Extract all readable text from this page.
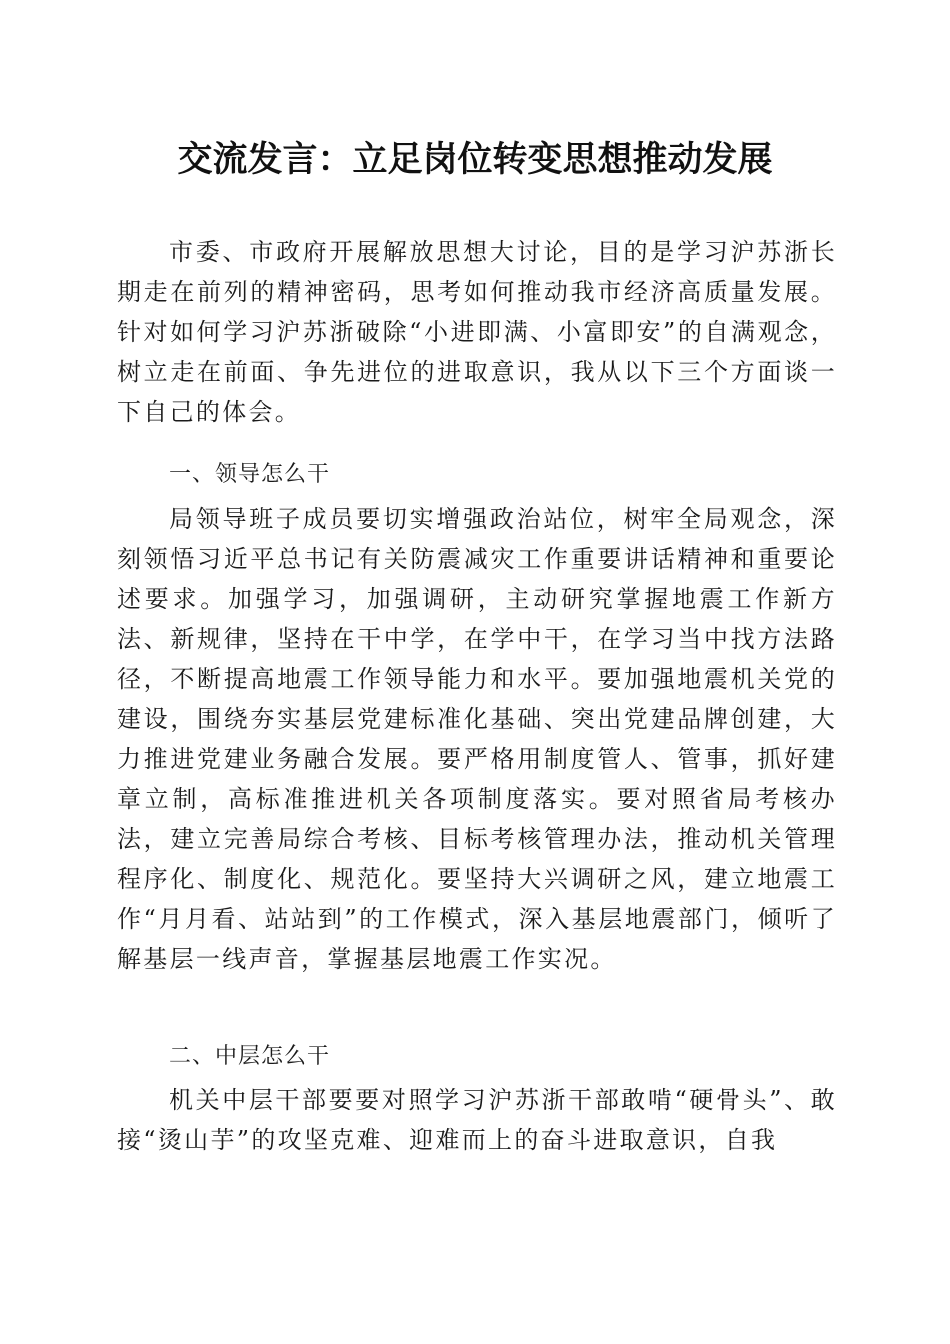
交流发言：立足岗位转变思想推动发展

市委、市政府开展解放思想大讨论，目的是学习沪苏浙长期走在前列的精神密码，思考如何推动我市经济高质量发展。针对如何学习沪苏浙破除“小进即满、小富即安”的自满观念，树立走在前面、争先进位的进取意识，我从以下三个方面谈一下自己的体会。

一、领导怎么干

局领导班子成员要切实增强政治站位，树牢全局观念，深刻领悟习近平总书记有关防震减灾工作重要讲话精神和重要论述要求。加强学习，加强调研，主动研究掌握地震工作新方法、新规律，坚持在干中学，在学中干，在学习当中找方法路径，不断提高地震工作领导能力和水平。要加强地震机关党的建设，围绕夯实基层党建标准化基础、突出党建品牌创建，大力推进党建业务融合发展。要严格用制度管人、管事，抓好建章立制，高标准推进机关各项制度落实。要对照省局考核办法，建立完善局综合考核、目标考核管理办法，推动机关管理程序化、制度化、规范化。要坚持大兴调研之风，建立地震工作“月月看、站站到”的工作模式，深入基层地震部门，倾听了解基层一线声音，掌握基层地震工作实况。

二、中层怎么干

机关中层干部要要对照学习沪苏浙干部敢啃“硬骨头”、敢接“烫山芋”的攻坚克难、迎难而上的奋斗进取意识，自我
